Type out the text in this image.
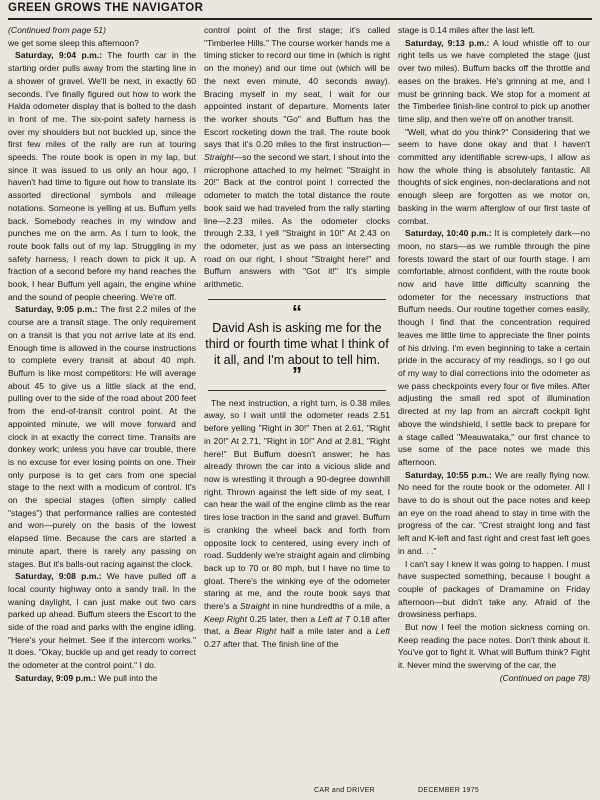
GREEN GROWS THE NAVIGATOR

(Continued from page 51)

we get some sleep this afternoon?

Saturday, 9:04 p.m.: The fourth car in the starting order pulls away from the starting line in a shower of gravel. We'll be next, in exactly 60 seconds. I've finally figured out how to work the Halda odometer display that is bolted to the dash in front of me. The six-point safety harness is over my shoulders but not buckled up, since the first few miles of the rally are run at touring speeds. The route book is open in my lap, but since it was issued to us only an hour ago, I haven't had time to figure out how to translate its assorted directional symbols and mileage notations. Someone is yelling at us. Buffum yells back. Somebody reaches in my window and punches me on the arm. As I turn to look, the route book falls out of my lap. Struggling in my safety harness, I reach down to pick it up. A fraction of a second before my hand reaches the book, I hear Buffum yell again, the engine whine and the sound of people cheering. We're off.

Saturday, 9:05 p.m.: The first 2.2 miles of the course are a transit stage. The only requirement on a transit is that you not arrive late at its end. Enough time is allowed in the course instructions to complete every transit at about 40 mph. Buffum is like most competitors: He will average about 45 to give us a little slack at the end, pulling over to the side of the road about 200 feet from the end-of-transit control point. At the appointed minute, we will move forward and clock in at exactly the correct time. Transits are donkey work; unless you have car trouble, there is no excuse for ever losing points on one. Their only purpose is to get cars from one special stage to the next with a modicum of control. It's on the special stages (often simply called "stages") that performance rallies are contested and won—purely on the basis of the lowest elapsed time. Because the cars are started a minute apart, there is rarely any passing on stages. But it's balls-out racing against the clock.

Saturday, 9:08 p.m.: We have pulled off a local county highway onto a sandy trail. In the waning daylight, I can just make out two cars parked up ahead. Buffum steers the Escort to the side of the road and parks with the engine idling. "Here's your helmet. See if the intercom works." It does. "Okay, buckle up and get ready to correct the odometer at the control point." I do.

Saturday, 9:09 p.m.: We pull into the

control point of the first stage; it's called "Timberlee Hills." The course worker hands me a timing sticker to record our time in (which is right on the money) and our time out (which will be the next even minute, 40 seconds away). Bracing myself in my seat, I wait for our appointed instant of departure. Moments later the worker shouts "Go" and Buffum has the Escort rocketing down the trail. The route book says that it's 0.20 miles to the first instruction—Straight—so the second we start, I shout into the microphone attached to my helmet: "Straight in 20!" Back at the control point I corrected the odometer to match the total distance the route book said we had traveled from the rally starting line—2.23 miles. As the odometer clocks through 2.33, I yell "Straight in 10!" At 2.43 on the odometer, just as we pass an intersecting road on our right, I shout "Straight here!" and Buffum answers with "Got it!" It's simple arithmetic.

“
David Ash is asking me for the third or fourth time what I think of it all, and I'm about to tell him.
”

The next instruction, a right turn, is 0.38 miles away, so I wait until the odometer reads 2.51 before yelling "Right in 30!" Then at 2.61, "Right in 20!" At 2.71, "Right in 10!" And at 2.81, "Right here!" But Buffum doesn't answer; he has already thrown the car into a vicious slide and now is wrestling it through a 90-degree downhill right. Thrown against the left side of my seat, I can hear the wail of the engine climb as the rear tires lose traction in the sand and gravel. Buffum is cranking the wheel back and forth from opposite lock to centered, using every inch of road. Suddenly we're straight again and climbing back up to 70 or 80 mph, but I have no time to gloat. There's the winking eye of the odometer staring at me, and the route book says that there's a Straight in nine hundredths of a mile, a Keep Right 0.25 later, then a Left at T 0.18 after that, a Bear Right half a mile later and a Left 0.27 after that. The finish line of the

stage is 0.14 miles after the last left.

Saturday, 9:13 p.m.: A loud whistle off to our right tells us we have completed the stage (just over two miles). Buffum backs off the throttle and eases on the brakes. He's grinning at me, and I must be grinning back. We stop for a moment at the Timberlee finish-line control to pick up another time slip, and then we're off on another transit.

"Well, what do you think?" Considering that we seem to have done okay and that I haven't committed any identifiable screw-ups, I allow as how the whole thing is absolutely fantastic. All thoughts of sick engines, non-declarations and not enough sleep are forgotten as we motor on, basking in the warm afterglow of our first taste of combat.

Saturday, 10:40 p.m.: It is completely dark—no moon, no stars—as we rumble through the pine forests toward the start of our fourth stage. I am comfortable, almost confident, with the route book now and have little difficulty scanning the odometer for the necessary instructions that Buffum needs. Our routine together comes easily, though I find that the concentration required leaves me little time to appreciate the finer points of his driving. I'm even beginning to take a certain pride in the accuracy of my readings, so I go out of my way to dial corrections into the odometer as we pass checkpoints every four or five miles. After adjusting the small red spot of illumination directed at my lap from an aircraft cockpit light above the windshield, I settle back to prepare for a stage called "Meauwataka," our first chance to use some of the pace notes we made this afternoon.

Saturday, 10:55 p.m.: We are really flying now. No need for the route book or the odometer. All I have to do is shout out the pace notes and keep an eye on the road ahead to stay in time with the progress of the car. "Crest straight long and fast left and K-left and fast right and crest fast left goes in and. . ."

I can't say I knew it was going to happen. I must have suspected something, because I bought a couple of packages of Dramamine on Friday afternoon—but didn't take any. Afraid of the drowsiness perhaps.

But now I feel the motion sickness coming on. Keep reading the pace notes. Don't think about it. You've got to fight it. What will Buffum think? Fight it. Never mind the swerving of the car, the

(Continued on page 78)

CAR and DRIVER	DECEMBER 1975
